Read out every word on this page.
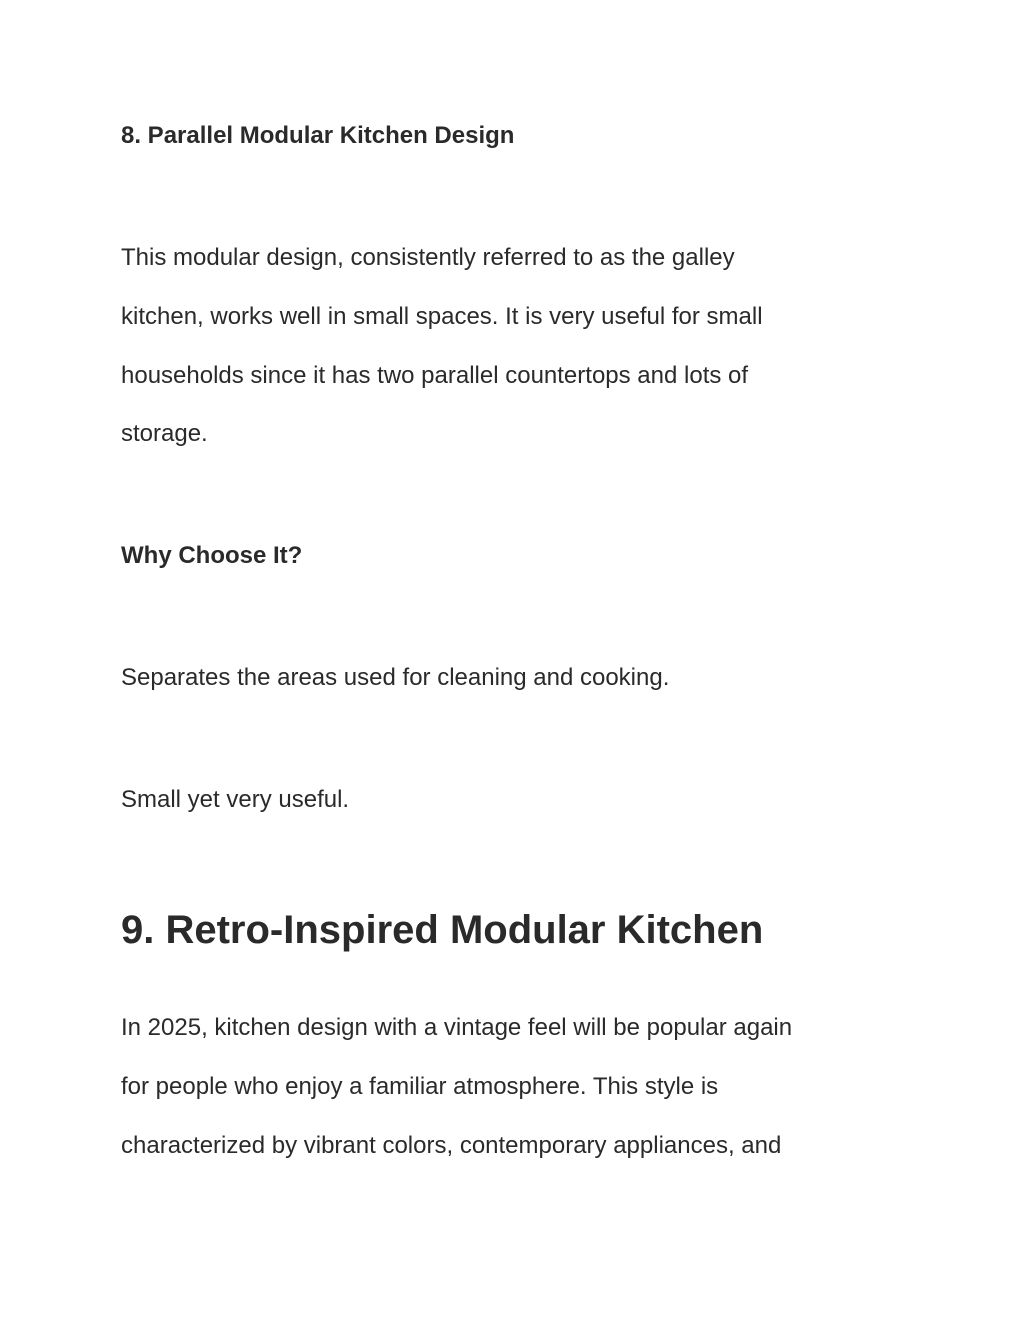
8. Parallel Modular Kitchen Design
This modular design, consistently referred to as the galley
kitchen, works well in small spaces. It is very useful for small
households since it has two parallel countertops and lots of
storage.
Why Choose It?

Separates the areas used for cleaning and cooking.

Small yet very useful.

9. Retro-Inspired Modular Kitchen
In 2025, kitchen design with a vintage feel will be popular again
for people who enjoy a familiar atmosphere. This style is
characterized by vibrant colors, contemporary appliances, and
